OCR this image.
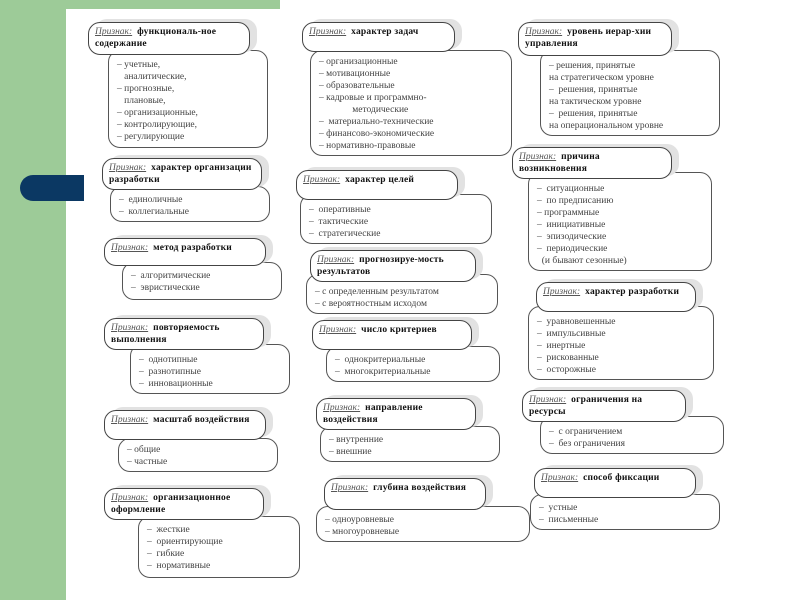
– учетные,
аналитические,
– прогнозные,
плановые,
– организационные,
– контролирующие,
– регулирующие
Признак: функциональ-ное содержание
–  единоличные
–  коллегиальные
Признак: характер организации разработки
–  алгоритмические
–  эвристические
Признак: метод разработки
–  однотипные
–  разнотипные
–  инновационные
Признак: повторяемость выполнения
– общие
– частные
Признак: масштаб воздействия
–  жесткие
–  ориентирующие
–  гибкие
–  нормативные
Признак: организационное оформление
– организационные
– мотивационные
– образовательные
– кадровые и программно-
методические
–  материально-технические
– финансово-экономические
– нормативно-правовые
Признак: характер задач
–  оперативные
–  тактические
–  стратегические
Признак: характер целей
– с определенным результатом
– с вероятностным исходом
Признак: прогнозируе-мость результатов
–  однокритериальные
–  многокритериальные
Признак: число критериев
– внутренние
– внешние
Признак: направление воздействия
– одноуровневые
– многоуровневые
Признак: глубина воздействия
– решения, принятые
на стратегическом уровне
–  решения, принятые
на тактическом уровне
–  решения, принятые
на операциональном уровне
Признак: уровень иерар-хии управления
–  ситуационные
–  по предписанию
– программные
–  инициативные
–  эпизодические
–  периодические
(и бывают сезонные)
Признак: причина возникновения
–  уравновешенные
–  импульсивные
–  инертные
–  рискованные
–  осторожные
Признак: характер разработки
–  с ограничением
–  без ограничения
Признак: ограничения на ресурсы
–  устные
–  письменные
Признак: способ фиксации
